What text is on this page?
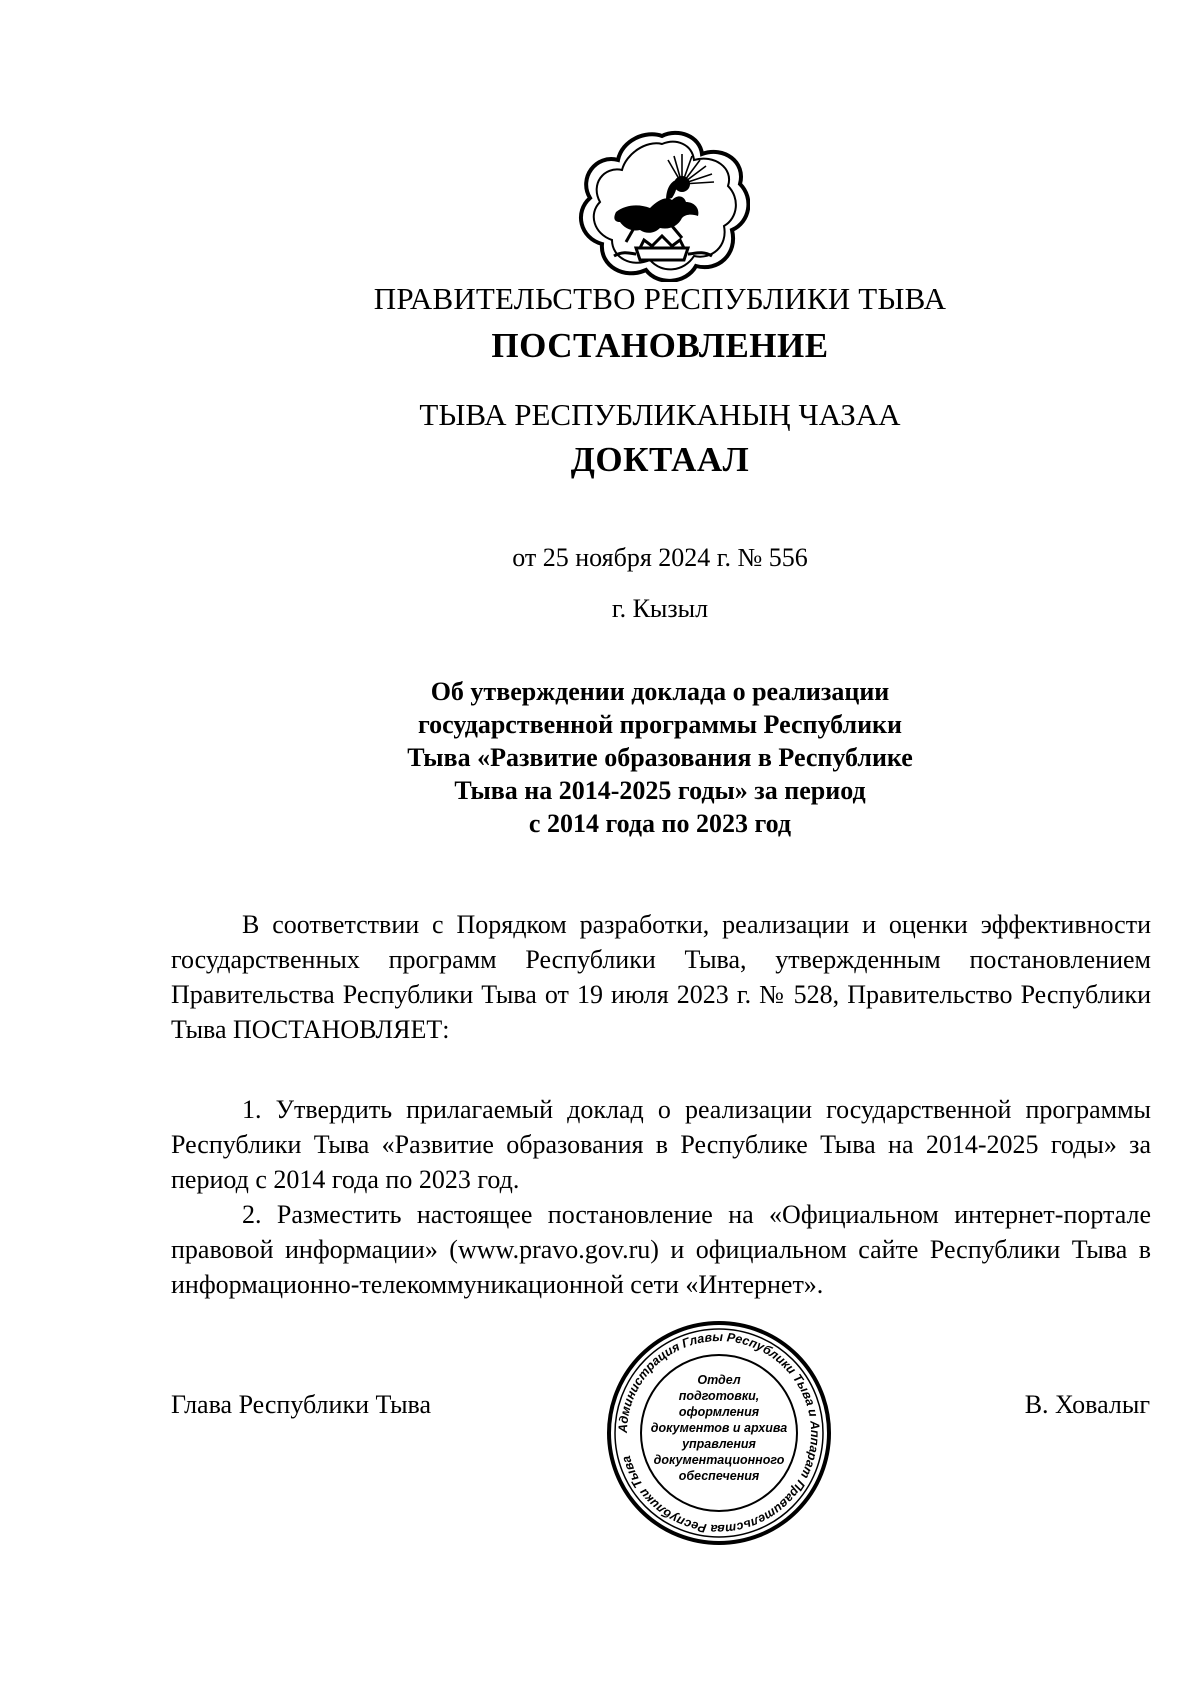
ПРАВИТЕЛЬСТВО РЕСПУБЛИКИ ТЫВА
ПОСТАНОВЛЕНИЕ
ТЫВА РЕСПУБЛИКАНЫҢ ЧАЗАА
ДОКТААЛ
от 25 ноября 2024 г. № 556
г. Кызыл
Об утверждении доклада о реализации
государственной программы Республики
Тыва «Развитие образования в Республике
Тыва на 2014-2025 годы» за период
с 2014 года по 2023 год

В соответствии с Порядком разработки, реализации и оценки эффективности государственных программ Республики Тыва, утвержденным постановлением Правительства Республики Тыва от 19 июля 2023 г. № 528, Правительство Республики Тыва ПОСТАНОВЛЯЕТ:

1. Утвердить прилагаемый доклад о реализации государственной программы Республики Тыва «Развитие образования в Республике Тыва на 2014-2025 годы» за период с 2014 года по 2023 год.

2. Разместить настоящее постановление на «Официальном интернет-портале правовой информации» (www.pravo.gov.ru) и официальном сайте Республики Тыва в информационно-телекоммуникационной сети «Интернет».

Глава Республики Тыва	В. Ховалыг
Администрация Главы Республики Тыва и Аппарат Правительства Республики Тыва
Отдел
подготовки,
оформления
документов и архива
управления
документационного
обеспечения
